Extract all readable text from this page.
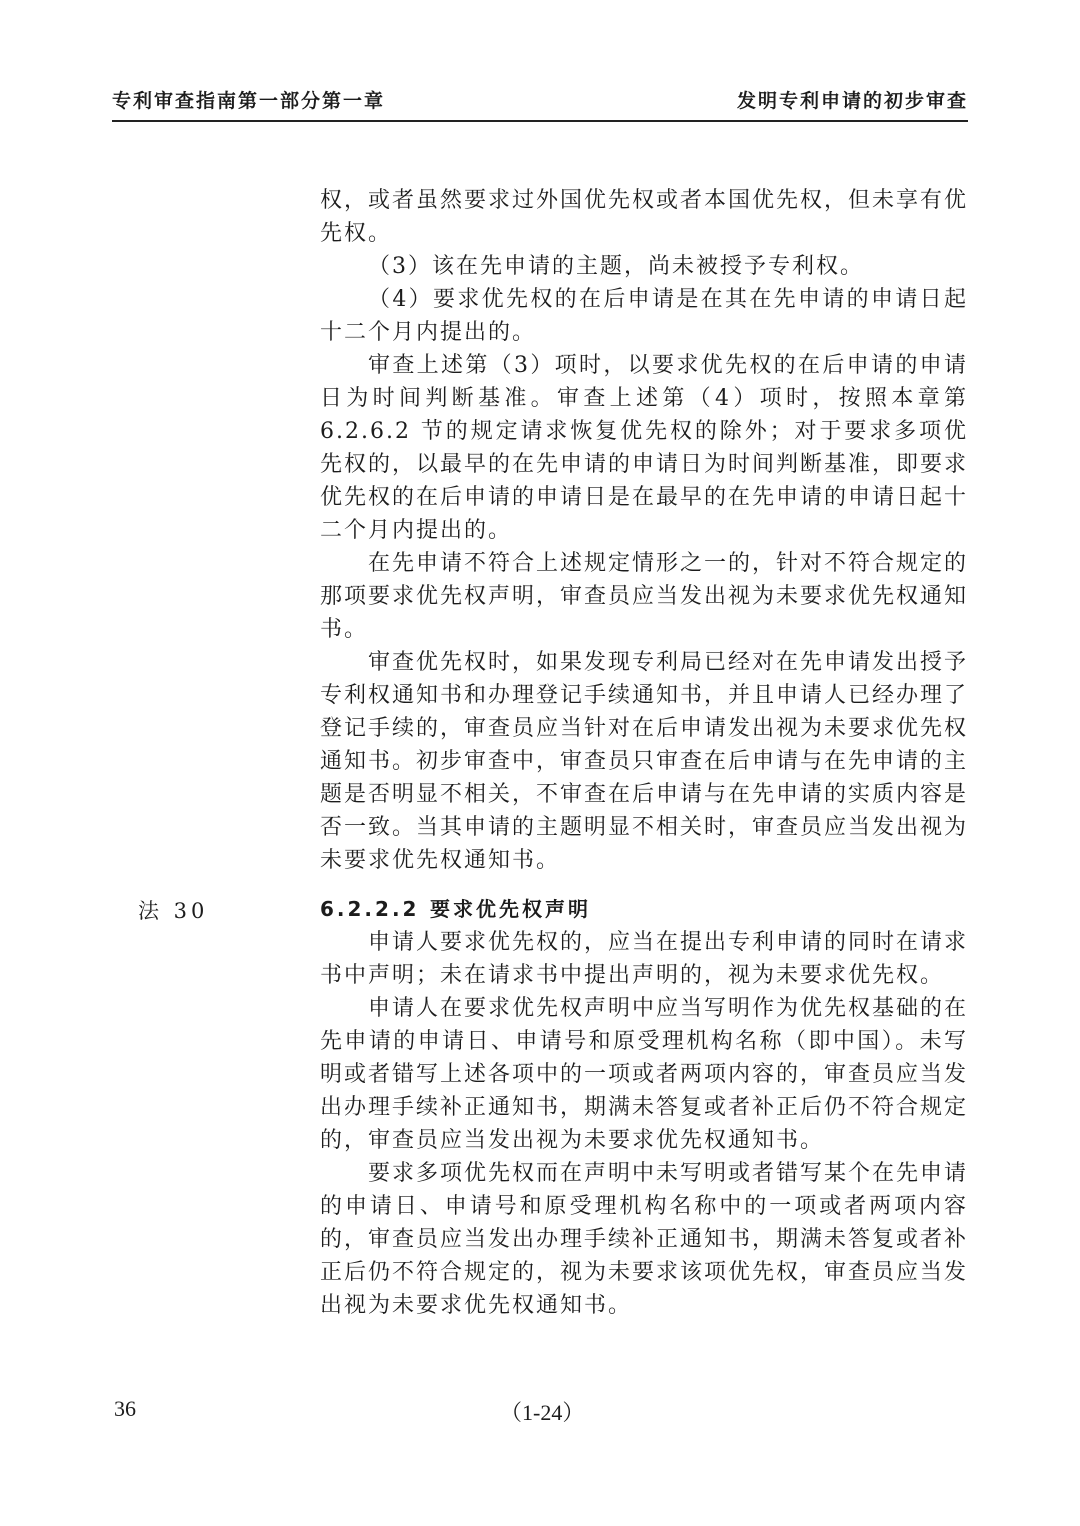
专利审查指南第一部分第一章	发明专利申请的初步审查

权，或者虽然要求过外国优先权或者本国优先权，但未享有优先权。

（3）该在先申请的主题，尚未被授予专利权。

（4）要求优先权的在后申请是在其在先申请的申请日起十二个月内提出的。

审查上述第（3）项时，以要求优先权的在后申请的申请日为时间判断基准。审查上述第（4）项时，按照本章第 6.2.6.2 节的规定请求恢复优先权的除外；对于要求多项优先权的，以最早的在先申请的申请日为时间判断基准，即要求优先权的在后申请的申请日是在最早的在先申请的申请日起十二个月内提出的。

在先申请不符合上述规定情形之一的，针对不符合规定的那项要求优先权声明，审查员应当发出视为未要求优先权通知书。

审查优先权时，如果发现专利局已经对在先申请发出授予专利权通知书和办理登记手续通知书，并且申请人已经办理了登记手续的，审查员应当针对在后申请发出视为未要求优先权通知书。初步审查中，审查员只审查在后申请与在先申请的主题是否明显不相关，不审查在后申请与在先申请的实质内容是否一致。当其申请的主题明显不相关时，审查员应当发出视为未要求优先权通知书。

法 30	6.2.2.2 要求优先权声明

申请人要求优先权的，应当在提出专利申请的同时在请求书中声明；未在请求书中提出声明的，视为未要求优先权。

申请人在要求优先权声明中应当写明作为优先权基础的在先申请的申请日、申请号和原受理机构名称（即中国）。未写明或者错写上述各项中的一项或者两项内容的，审查员应当发出办理手续补正通知书，期满未答复或者补正后仍不符合规定的，审查员应当发出视为未要求优先权通知书。

要求多项优先权而在声明中未写明或者错写某个在先申请的申请日、申请号和原受理机构名称中的一项或者两项内容的，审查员应当发出办理手续补正通知书，期满未答复或者补正后仍不符合规定的，视为未要求该项优先权，审查员应当发出视为未要求优先权通知书。

36	（1-24）
